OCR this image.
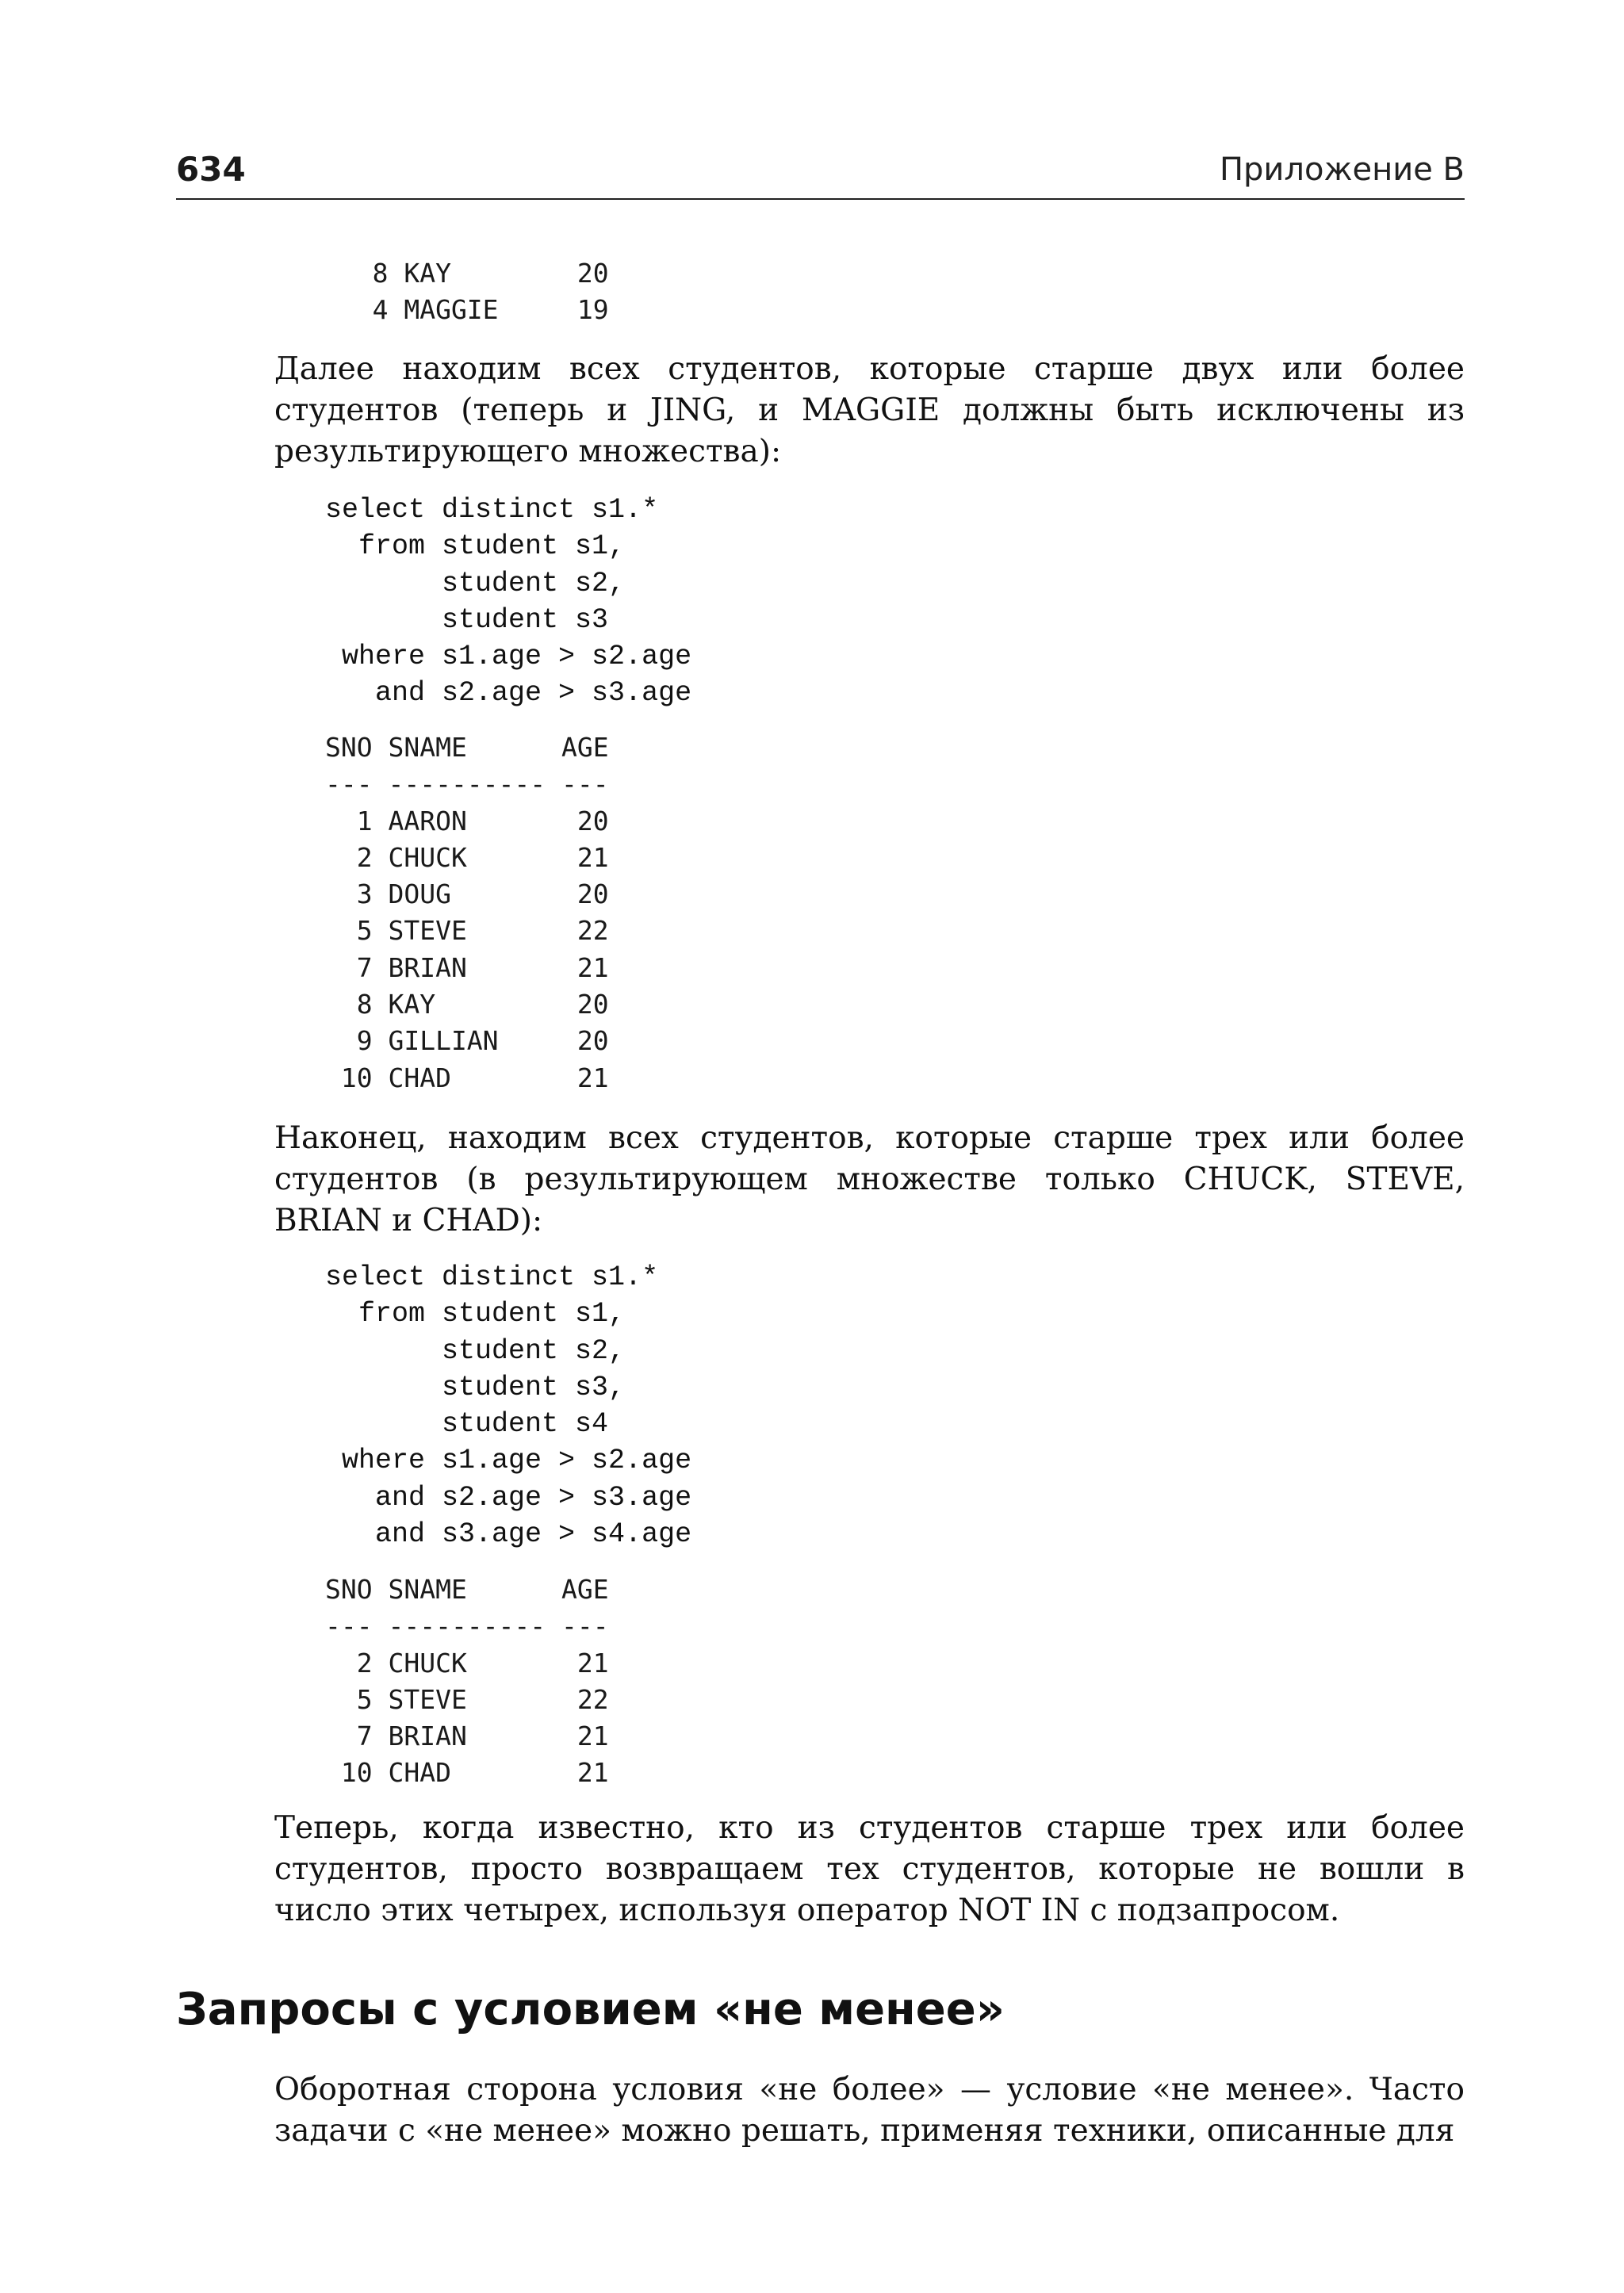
634	Приложение B
8 KAY        20
4 MAGGIE     19

Далее находим всех студентов, которые старше двух или более студентов (теперь и JING, и MAGGIE должны быть исключены из результирующего множества):

select distinct s1.*
from student s1,
student s2,
student s3
where s1.age > s2.age
and s2.age > s3.age
SNO SNAME      AGE
--- ---------- ---
1 AARON       20
2 CHUCK       21
3 DOUG        20
5 STEVE       22
7 BRIAN       21
8 KAY         20
9 GILLIAN     20
10 CHAD        21

Наконец, находим всех студентов, которые старше трех или более студентов (в результирующем множестве только CHUCK, STEVE, BRIAN и CHAD):

select distinct s1.*
from student s1,
student s2,
student s3,
student s4
where s1.age > s2.age
and s2.age > s3.age
and s3.age > s4.age
SNO SNAME      AGE
--- ---------- ---
2 CHUCK       21
5 STEVE       22
7 BRIAN       21
10 CHAD        21

Теперь, когда известно, кто из студентов старше трех или более студентов, просто возвращаем тех студентов, которые не вошли в число этих четырех, используя оператор NOT IN с подзапросом.

Запросы с условием «не менее»

Оборотная сторона условия «не более» — условие «не менее». Часто задачи с «не менее» можно решать, применяя техники, описанные для
